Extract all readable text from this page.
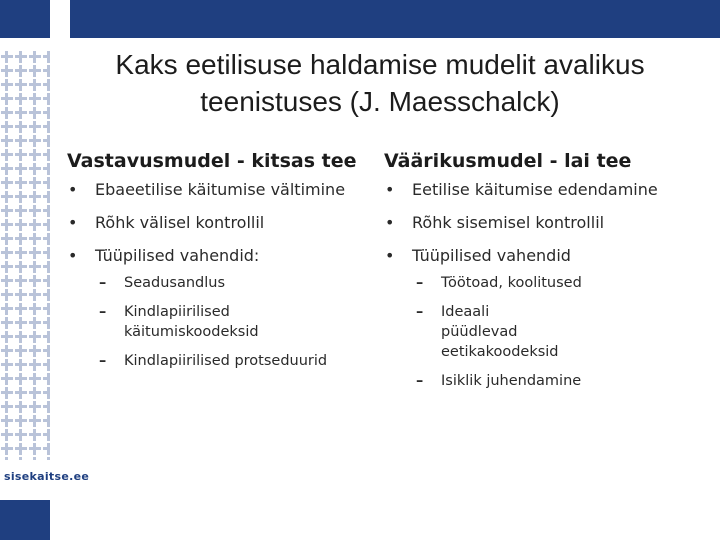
sisekaitse.ee
Kaks eetilisuse haldamise mudelit avalikus teenistuses (J. Maesschalck)
Vastavusmudel - kitsas tee
• Ebaeetilise käitumise vältimine
• Rõhk välisel kontrollil
• Tüüpilised vahendid:
– Seadusandlus
– Kindlapiirilised käitumiskoodeksid
– Kindlapiirilised protseduurid
Väärikusmudel - lai tee
• Eetilise käitumise edendamine
• Rõhk sisemisel kontrollil
• Tüüpilised vahendid
– Töötoad, koolitused
– Ideaali püüdlevad eetikakoodeksid
– Isiklik juhendamine
